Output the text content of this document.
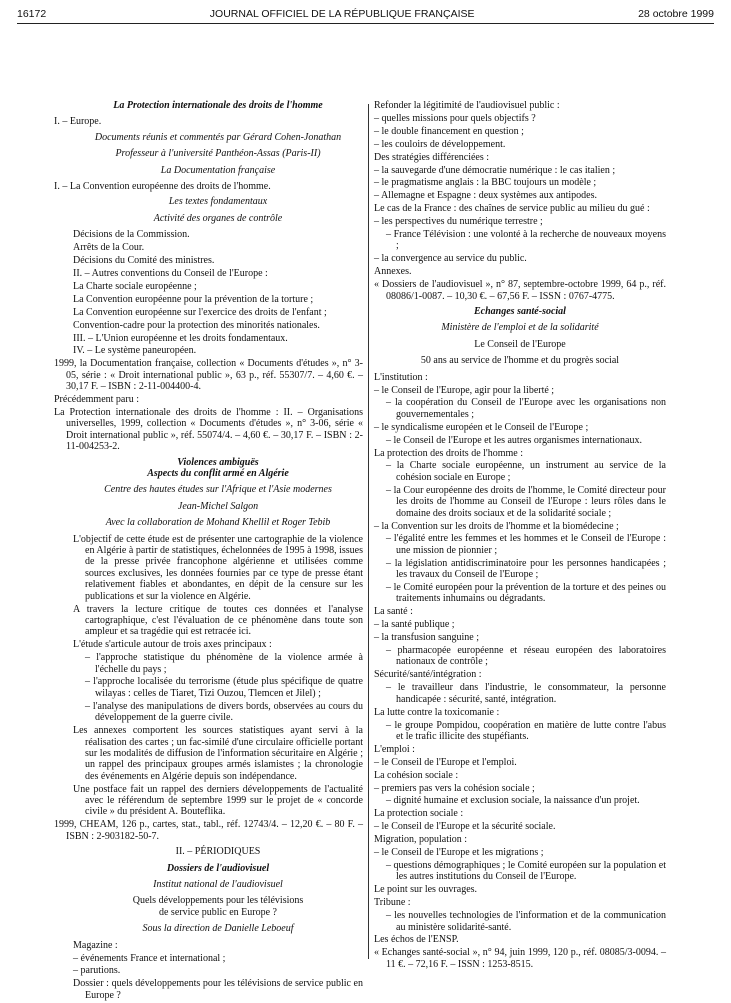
16172	JOURNAL OFFICIEL DE LA RÉPUBLIQUE FRANÇAISE	28 octobre 1999

La Protection internationale des droits de l'homme

I. – Europe.

Documents réunis et commentés par Gérard Cohen-Jonathan

Professeur à l'université Panthéon-Assas (Paris-II)

La Documentation française

I. – La Convention européenne des droits de l'homme.

Les textes fondamentaux

Activité des organes de contrôle

Décisions de la Commission.

Arrêts de la Cour.

Décisions du Comité des ministres.

II. – Autres conventions du Conseil de l'Europe :

La Charte sociale européenne ;

La Convention européenne pour la prévention de la torture ;

La Convention européenne sur l'exercice des droits de l'enfant ;

Convention-cadre pour la protection des minorités nationales.

III. – L'Union européenne et les droits fondamentaux.

IV. – Le système paneuropéen.

1999, la Documentation française, collection « Documents d'études », n° 3-05, série : « Droit international public », 63 p., réf. 55307/7. – 4,60 €. – 30,17 F. – ISBN : 2-11-004400-4.

Précédemment paru :

La Protection internationale des droits de l'homme : II. – Organisations universelles, 1999, collection « Documents d'études », n° 3-06, série « Droit international public », réf. 55074/4. – 4,60 €. – 30,17 F. – ISBN : 2-11-004253-2.

Violences ambiguës

Aspects du conflit armé en Algérie

Centre des hautes études sur l'Afrique et l'Asie modernes

Jean-Michel Salgon

Avec la collaboration de Mohand Khellil et Roger Tebib

L'objectif de cette étude est de présenter une cartographie de la violence en Algérie à partir de statistiques, échelonnées de 1995 à 1998, issues de la presse privée francophone algérienne et utilisées comme sources exclusives, les données fournies par ce type de presse étant relativement fiables et abondantes, en dépit de la censure sur les publications et sur la violence en Algérie.

A travers la lecture critique de toutes ces données et l'analyse cartographique, c'est l'évaluation de ce phénomène dans toute son ampleur et sa tragédie qui est retracée ici.

L'étude s'articule autour de trois axes principaux :

– l'approche statistique du phénomène de la violence armée à l'échelle du pays ;

– l'approche localisée du terrorisme (étude plus spécifique de quatre wilayas : celles de Tiaret, Tizi Ouzou, Tlemcen et Jilel) ;

– l'analyse des manipulations de divers bords, observées au cours du développement de la guerre civile.

Les annexes comportent les sources statistiques ayant servi à la réalisation des cartes ; un fac-similé d'une circulaire officielle portant sur les modalités de diffusion de l'information sécuritaire en Algérie ; un rappel des principaux groupes armés islamistes ; la chronologie des événements en Algérie depuis son indépendance.

Une postface fait un rappel des derniers développements de l'actualité avec le référendum de septembre 1999 sur le projet de « concorde civile » du président A. Bouteflika.

1999, CHEAM, 126 p., cartes, stat., tabl., réf. 12743/4. – 12,20 €. – 80 F. – ISBN : 2-903182-50-7.

II. – PÉRIODIQUES

Dossiers de l'audiovisuel

Institut national de l'audiovisuel

Quels développements pour les télévisions

de service public en Europe ?

Sous la direction de Danielle Leboeuf

Magazine :

– événements France et international ;

– parutions.

Dossier : quels développements pour les télévisions de service public en Europe ?

Refonder la légitimité de l'audiovisuel public :

– quelles missions pour quels objectifs ?

– le double financement en question ;

– les couloirs de développement.

Des stratégies différenciées :

– la sauvegarde d'une démocratie numérique : le cas italien ;

– le pragmatisme anglais : la BBC toujours un modèle ;

– Allemagne et Espagne : deux systèmes aux antipodes.

Le cas de la France : des chaînes de service public au milieu du gué :

– les perspectives du numérique terrestre ;

– France Télévision : une volonté à la recherche de nouveaux moyens ;

– la convergence au service du public.

Annexes.

« Dossiers de l'audiovisuel », n° 87, septembre-octobre 1999, 64 p., réf. 08086/1-0087. – 10,30 €. – 67,56 F. – ISSN : 0767-4775.

Echanges santé-social

Ministère de l'emploi et de la solidarité

Le Conseil de l'Europe

50 ans au service de l'homme et du progrès social

L'institution :

– le Conseil de l'Europe, agir pour la liberté ;

– la coopération du Conseil de l'Europe avec les organisations non gouvernementales ;

– le syndicalisme européen et le Conseil de l'Europe ;

– le Conseil de l'Europe et les autres organismes internationaux.

La protection des droits de l'homme :

– la Charte sociale européenne, un instrument au service de la cohésion sociale en Europe ;

– la Cour européenne des droits de l'homme, le Comité directeur pour les droits de l'homme au Conseil de l'Europe : leurs rôles dans le domaine des droits sociaux et de la solidarité sociale ;

– la Convention sur les droits de l'homme et la biomédecine ;

– l'égalité entre les femmes et les hommes et le Conseil de l'Europe : une mission de pionnier ;

– la législation antidiscriminatoire pour les personnes handicapées ; les travaux du Conseil de l'Europe ;

– le Comité européen pour la prévention de la torture et des peines ou traitements inhumains ou dégradants.

La santé :

– la santé publique ;

– la transfusion sanguine ;

– pharmacopée européenne et réseau européen des laboratoires nationaux de contrôle ;

Sécurité/santé/intégration :

– le travailleur dans l'industrie, le consommateur, la personne handicapée : sécurité, santé, intégration.

La lutte contre la toxicomanie :

– le groupe Pompidou, coopération en matière de lutte contre l'abus et le trafic illicite des stupéfiants.

L'emploi :

– le Conseil de l'Europe et l'emploi.

La cohésion sociale :

– premiers pas vers la cohésion sociale ;

– dignité humaine et exclusion sociale, la naissance d'un projet.

La protection sociale :

– le Conseil de l'Europe et la sécurité sociale.

Migration, population :

– le Conseil de l'Europe et les migrations ;

– questions démographiques ; le Comité européen sur la population et les autres institutions du Conseil de l'Europe.

Le point sur les ouvrages.

Tribune :

– les nouvelles technologies de l'information et de la communication au ministère solidarité-santé.

Les échos de l'ENSP.

« Echanges santé-social », n° 94, juin 1999, 120 p., réf. 08085/3-0094. – 11 €. – 72,16 F. – ISSN : 1253-8515.
